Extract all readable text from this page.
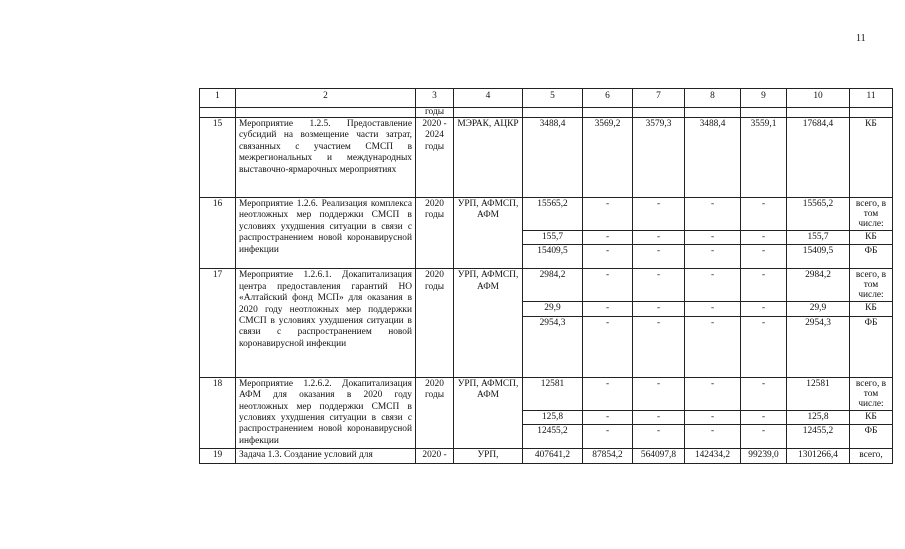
11
1	2	3	4	5	6	7	8	9	10	11
		годы								
15	Мероприятие 1.2.5. Предоставление субсидий на возмещение части затрат, связанных с участием СМСП в межрегиональных и международных выставочно-ярмарочных мероприятиях	2020 - 2024 годы	МЭРАК, АЦКР	3488,4	3569,2	3579,3	3488,4	3559,1	17684,4	КБ
16	Мероприятие 1.2.6. Реализация комплекса неотложных мер поддержки СМСП в условиях ухудшения ситуации в связи с распространением новой коронавирусной инфекции	2020 годы	УРП, АФМСП, АФМ	15565,2	-	-	-	-	15565,2	всего, в том числе:
				155,7	-	-	-	-	155,7	КБ
				15409,5	-	-	-	-	15409,5	ФБ
17	Мероприятие 1.2.6.1. Докапитализация центра предоставления гарантий НО «Алтайский фонд МСП» для оказания в 2020 году неотложных мер поддержки СМСП в условиях ухудшения ситуации в связи с распространением новой коронавирусной инфекции	2020 годы	УРП, АФМСП, АФМ	2984,2	-	-	-	-	2984,2	всего, в том числе:
				29,9	-	-	-	-	29,9	КБ
				2954,3	-	-	-	-	2954,3	ФБ
18	Мероприятие 1.2.6.2. Докапитализация АФМ для оказания в 2020 году неотложных мер поддержки СМСП в условиях ухудшения ситуации в связи с распространением новой коронавирусной инфекции	2020 годы	УРП, АФМСП, АФМ	12581	-	-	-	-	12581	всего, в том числе:
				125,8	-	-	-	-	125,8	КБ
				12455,2	-	-	-	-	12455,2	ФБ
19	Задача 1.3. Создание условий для	2020 -	УРП,	407641,2	87854,2	564097,8	142434,2	99239,0	1301266,4	всего,
